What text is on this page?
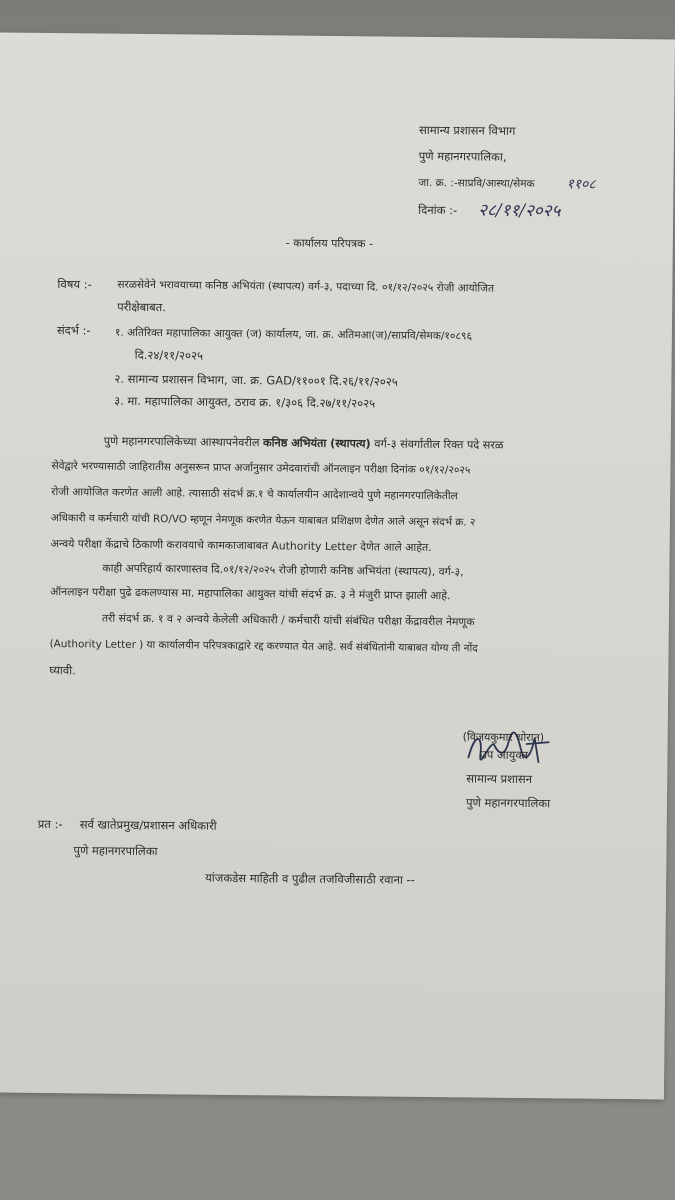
सामान्य प्रशासन विभाग
पुणे महानगरपालिका,
जा. क्र. :-साप्रवि/आस्था/सेमक ११०८
दिनांक :- २८/११/२०२५
- कार्यालय परिपत्रक -
विषय :- सरळसेवेने भरावयाच्या कनिष्ठ अभियंता (स्थापत्य) वर्ग-३, पदाच्या दि. ०१/१२/२०२५ रोजी आयोजित
परीक्षेबाबत.
संदर्भ :- १. अतिरिक्त महापालिका आयुक्त (ज) कार्यालय, जा. क्र. अतिमआ(ज)/साप्रवि/सेमक/१०८९६
दि.२४/११/२०२५
२. सामान्य प्रशासन विभाग, जा. क्र. GAD/११००१ दि.२६/११/२०२५
३. मा. महापालिका आयुक्त, ठराव क्र. १/३०६ दि.२७/११/२०२५
पुणे महानगरपालिकेच्या आस्थापनेवरील कनिष्ठ अभियंता (स्थापत्य) वर्ग-३ संवर्गातील रिक्त पदे सरळ
सेवेद्वारे भरण्यासाठी जाहिरातीस अनुसरून प्राप्त अर्जानुसार उमेदवारांची ऑनलाइन परीक्षा दिनांक ०१/१२/२०२५
रोजी आयोजित करणेत आली आहे. त्यासाठी संदर्भ क्र.१ चे कार्यालयीन आदेशान्वये पुणे महानगरपालिकेतील
अधिकारी व कर्मचारी यांची RO/VO म्हणून नेमणूक करणेत येऊन याबाबत प्रशिक्षण देणेत आले असून संदर्भ क्र. २
अन्वये परीक्षा केंद्राचे ठिकाणी करावयाचे कामकाजाबाबत Authority Letter देणेत आले आहेत.
काही अपरिहार्य कारणास्तव दि.०१/१२/२०२५ रोजी होणारी कनिष्ठ अभियंता (स्थापत्य), वर्ग-३,
ऑनलाइन परीक्षा पुढे ढकलण्यास मा. महापालिका आयुक्त यांची संदर्भ क्र. ३ ने मंजुरी प्राप्त झाली आहे.
तरी संदर्भ क्र. १ व २ अन्वये केलेली अधिकारी / कर्मचारी यांची संबंधित परीक्षा केंद्रावरील नेमणूक
(Authority Letter ) या कार्यालयीन परिपत्रकाद्वारे रद्द करण्यात येत आहे. सर्व संबंधितांनी याबाबत योग्य ती नोंद
घ्यावी.
(विजयकुमार थोरात)
उप आयुक्त
सामान्य प्रशासन
पुणे महानगरपालिका
प्रत :- सर्व खातेप्रमुख/प्रशासन अधिकारी
पुणे महानगरपालिका
यांजकडेस माहिती व पुढील तजविजीसाठी रवाना --
